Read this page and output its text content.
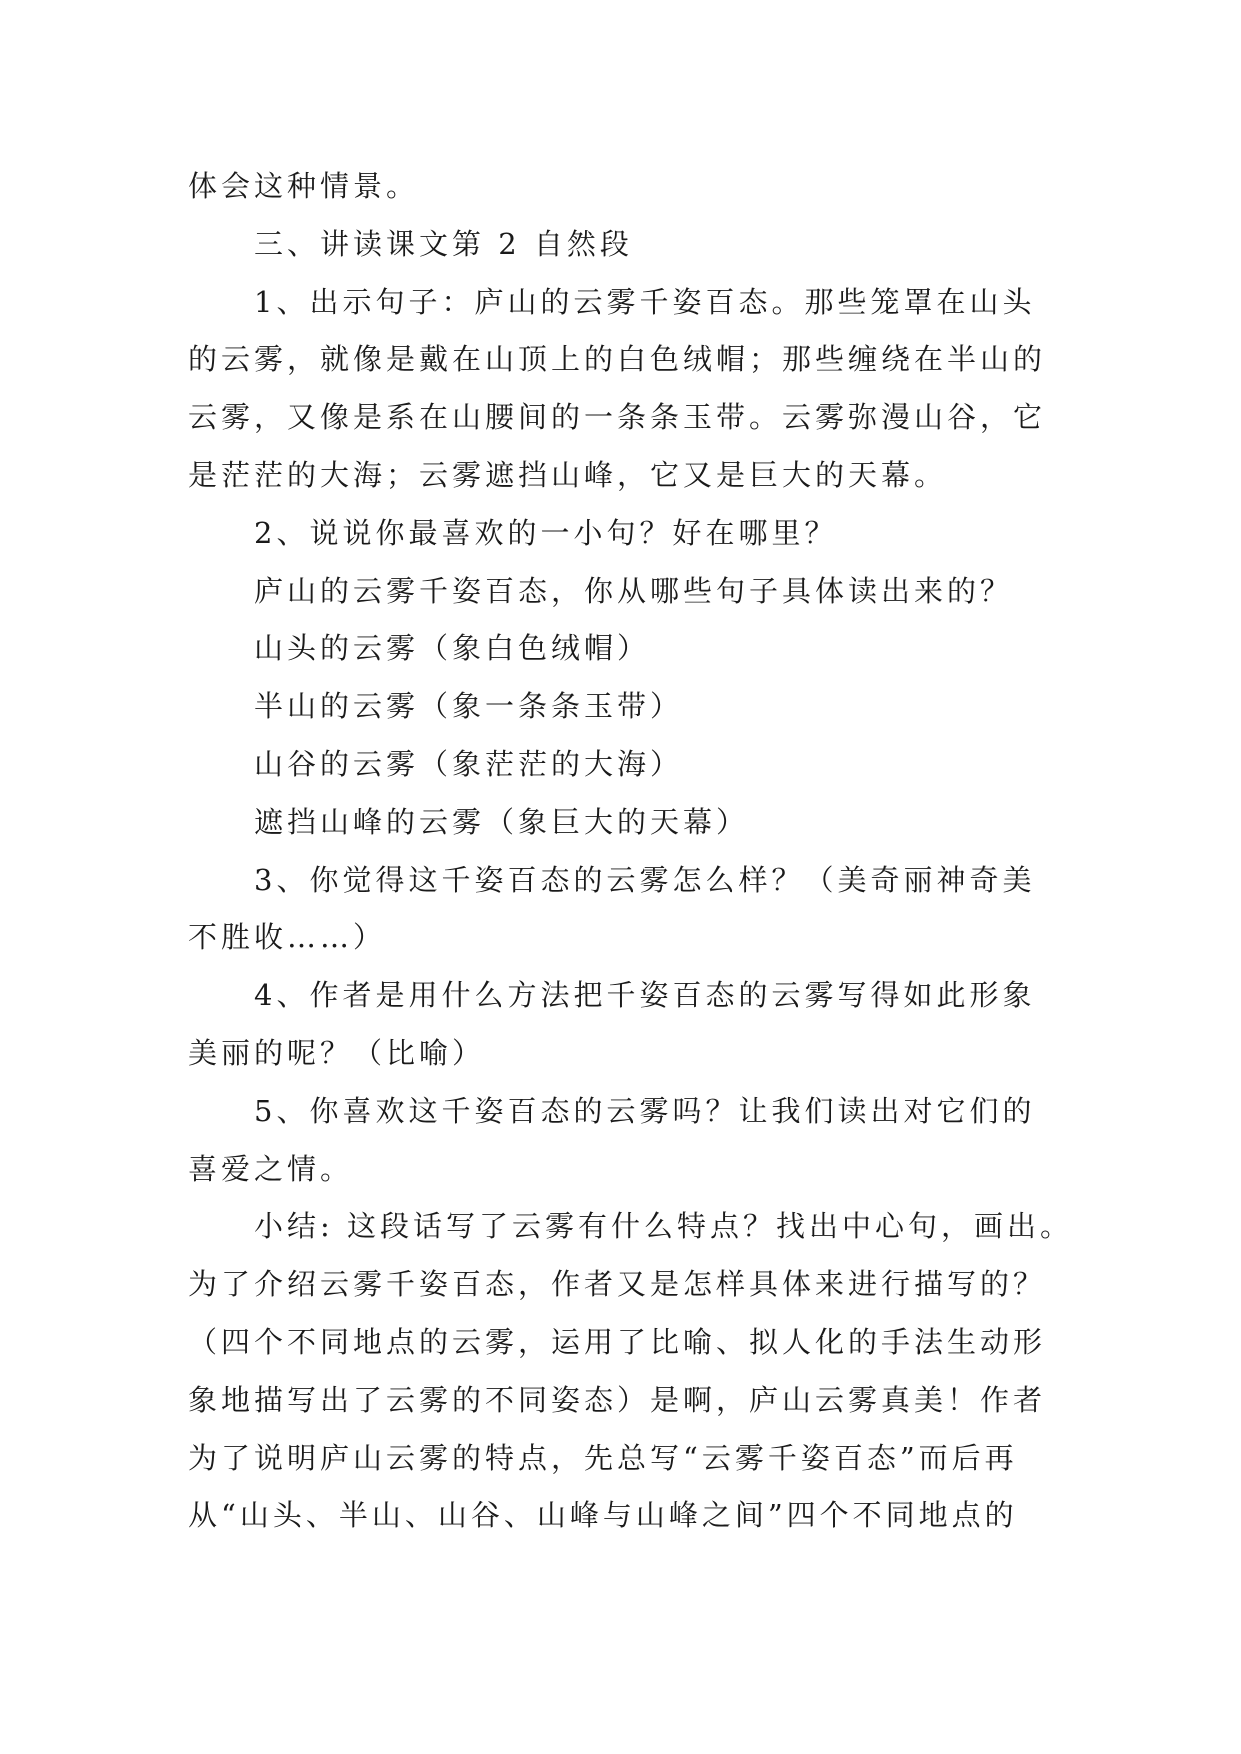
体会这种情景。

三、讲读课文第 2 自然段

1、出示句子：庐山的云雾千姿百态。那些笼罩在山头
的云雾，就像是戴在山顶上的白色绒帽；那些缠绕在半山的
云雾，又像是系在山腰间的一条条玉带。云雾弥漫山谷，它
是茫茫的大海；云雾遮挡山峰，它又是巨大的天幕。

2、说说你最喜欢的一小句？好在哪里？

庐山的云雾千姿百态，你从哪些句子具体读出来的？

山头的云雾（象白色绒帽）

半山的云雾（象一条条玉带）

山谷的云雾（象茫茫的大海）

遮挡山峰的云雾（象巨大的天幕）

3、你觉得这千姿百态的云雾怎么样？（美奇丽神奇美
不胜收……）

4、作者是用什么方法把千姿百态的云雾写得如此形象
美丽的呢？（比喻）

5、你喜欢这千姿百态的云雾吗？让我们读出对它们的
喜爱之情。

小结: 这段话写了云雾有什么特点？找出中心句，画出。
为了介绍云雾千姿百态，作者又是怎样具体来进行描写的？
（四个不同地点的云雾，运用了比喻、拟人化的手法生动形
象地描写出了云雾的不同姿态）是啊，庐山云雾真美！作者
为了说明庐山云雾的特点，先总写“云雾千姿百态”而后再
从“山头、半山、山谷、山峰与山峰之间”四个不同地点的
